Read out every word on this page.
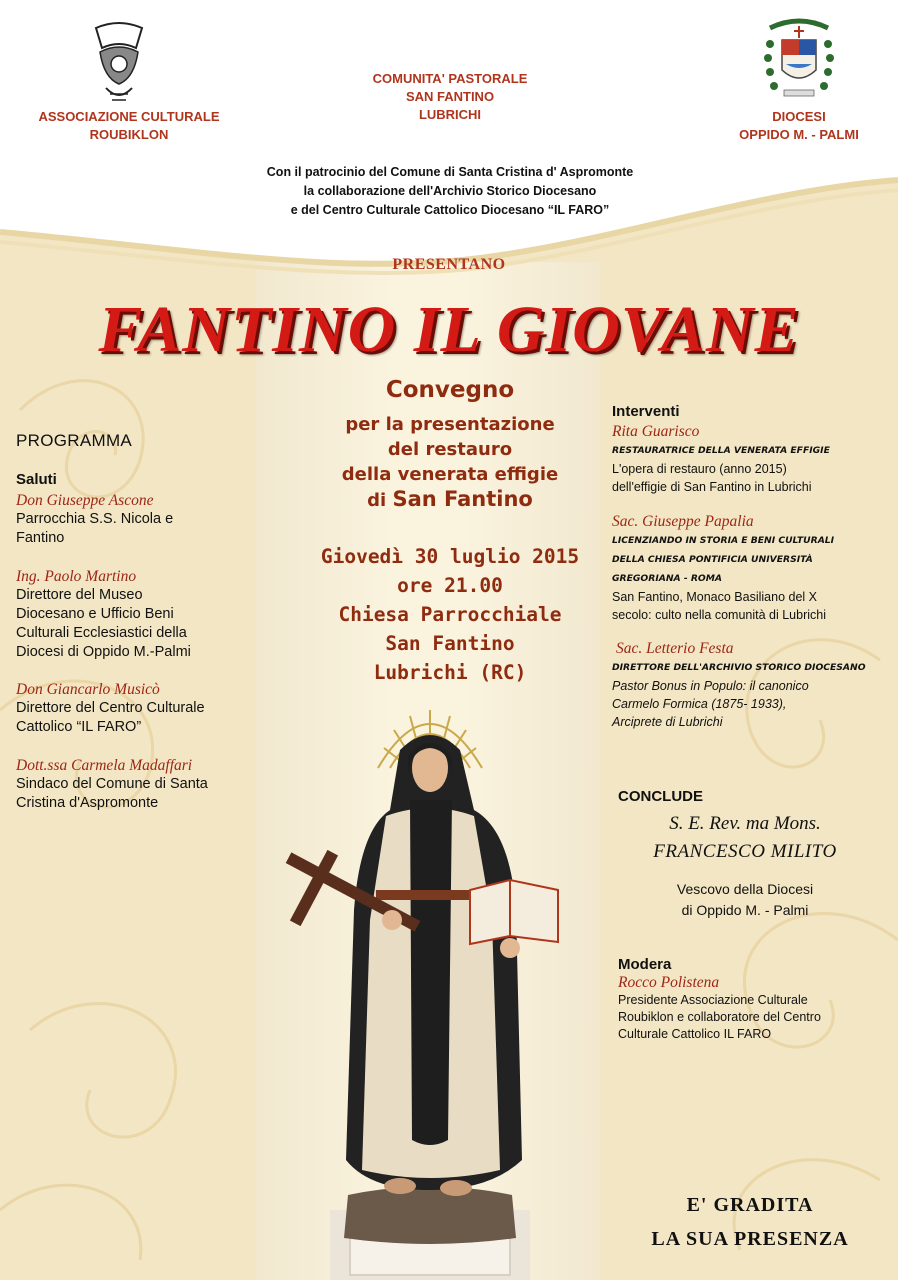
ASSOCIAZIONE CULTURALE
ROUBIKLON
COMUNITA' PASTORALE
SAN FANTINO
LUBRICHI	DIOCESI
OPPIDO M. - PALMI
Con il patrocinio del Comune di Santa Cristina d' Aspromonte
la collaborazione dell'Archivio Storico Diocesano
e del Centro Culturale Cattolico Diocesano “IL FARO”
PRESENTANO
FANTINO IL GIOVANE
Convegno
per la presentazione
del restauro
della venerata effigie
di San Fantino
Giovedì 30 luglio 2015
ore 21.00
Chiesa Parrocchiale
San Fantino
Lubrichi (RC)
PROGRAMMA
Saluti
Don Giuseppe Ascone
Parrocchia S.S. Nicola e
Fantino
Ing. Paolo Martino
Direttore del Museo
Diocesano e Ufficio Beni
Culturali Ecclesiastici della
Diocesi di Oppido M.-Palmi
Don Giancarlo Musicò
Direttore del Centro Culturale
Cattolico “IL FARO”
Dott.ssa Carmela Madaffari
Sindaco del Comune di Santa
Cristina d'Aspromonte
Interventi
Rita Guarisco
RESTAURATRICE DELLA VENERATA EFFIGIE
L'opera di restauro (anno 2015)
dell'effigie di San Fantino in Lubrichi
Sac. Giuseppe Papalia
LICENZIANDO IN STORIA E BENI CULTURALI
DELLA CHIESA PONTIFICIA UNIVERSITÀ
GREGORIANA - ROMA
San Fantino, Monaco Basiliano del X
secolo: culto nella comunità di Lubrichi
Sac. Letterio Festa
DIRETTORE DELL'ARCHIVIO STORICO DIOCESANO
Pastor Bonus in Populo: il canonico
Carmelo Formica (1875- 1933),
Arciprete di Lubrichi
CONCLUDE
S. E. Rev. ma Mons.
FRANCESCO MILITO
Vescovo della Diocesi
di Oppido M. - Palmi
Modera
Rocco Polistena
Presidente Associazione Culturale
Roubiklon e collaboratore del Centro
Culturale Cattolico IL FARO
E' GRADITA
LA SUA PRESENZA
